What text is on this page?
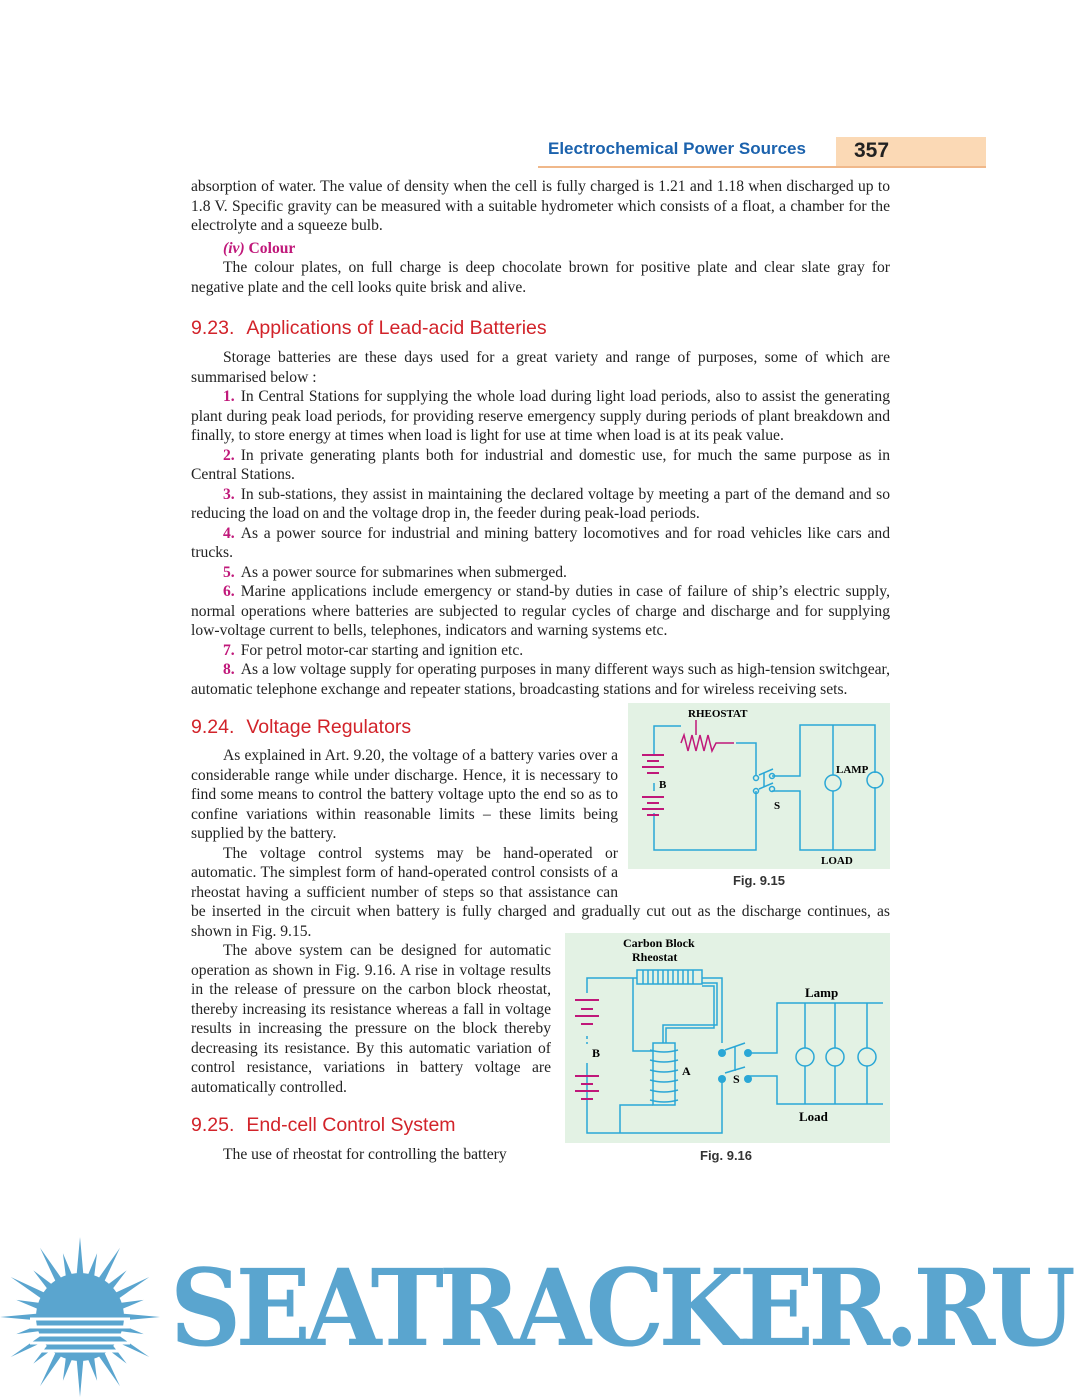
Electrochemical Power Sources	357

absorption of water. The value of density when the cell is fully charged is 1.21 and 1.18 when discharged up to 1.8 V. Specific gravity can be measured with a suitable hydrometer which consists of a float, a chamber for the electrolyte and a squeeze bulb.

(iv) Colour

The colour plates, on full charge is deep chocolate brown for positive plate and clear slate gray for negative plate and the cell looks quite brisk and alive.

9.23. Applications of Lead-acid Batteries

Storage batteries are these days used for a great variety and range of purposes, some of which are summarised below :

1. In Central Stations for supplying the whole load during light load periods, also to assist the generating plant during peak load periods, for providing reserve emergency supply during periods of plant breakdown and finally, to store energy at times when load is light for use at time when load is at its peak value.

2. In private generating plants both for industrial and domestic use, for much the same purpose as in Central Stations.

3. In sub-stations, they assist in maintaining the declared voltage by meeting a part of the demand and so reducing the load on and the voltage drop in, the feeder during peak-load periods.

4. As a power source for industrial and mining battery locomotives and for road vehicles like cars and trucks.

5. As a power source for submarines when submerged.

6. Marine applications include emergency or stand-by duties in case of failure of ship’s electric supply, normal operations where batteries are subjected to regular cycles of charge and discharge and for supplying low-voltage current to bells, telephones, indicators and warning systems etc.

7. For petrol motor-car starting and ignition etc.

8. As a low voltage supply for operating purposes in many different ways such as high-tension switchgear, automatic telephone exchange and repeater stations, broadcasting stations and for wireless receiving sets.

RHEOSTAT
B
S
LAMP
LOAD
Fig. 9.15
9.24. Voltage Regulators

As explained in Art. 9.20, the voltage of a battery varies over a considerable range while under discharge. Hence, it is necessary to find some means to control the battery voltage upto the end so as to confine variations within reasonable limits – these limits being supplied by the battery.

The voltage control systems may be hand-operated or automatic. The simplest form of hand-operated control consists of a rheostat having a sufficient number of steps so that assistance can be inserted in the circuit when battery is fully charged and gradually cut out as the discharge continues, as shown in Fig. 9.15.

Carbon Block
Rheostat
B
A
S
Lamp
Load
Fig. 9.16

The above system can be designed for automatic operation as shown in Fig. 9.16. A rise in voltage results in the release of pressure on the carbon block rheostat, thereby increasing its resistance whereas a fall in voltage results in increasing the pressure on the block thereby decreasing its resistance. By this automatic variation of control resistance, variations in battery voltage are automatically controlled.

9.25. End-cell Control System

The use of rheostat for controlling the battery

SEATRACKER.RU
